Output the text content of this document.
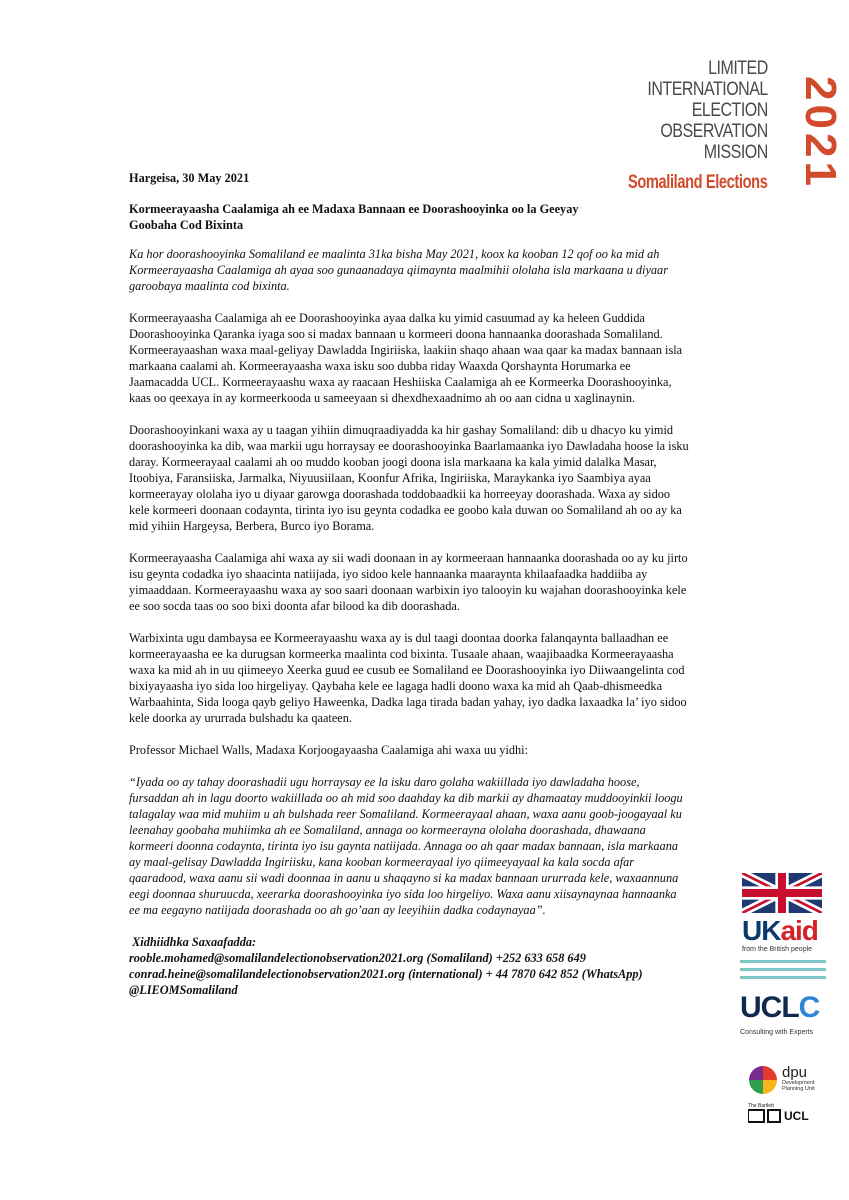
LIMITED
INTERNATIONAL
ELECTION
OBSERVATION
MISSION
Somaliland Elections 2021

Hargeisa, 30 May 2021

Kormeerayaasha Caalamiga ah ee Madaxa Bannaan ee Doorashooyinka oo la Geeyay
Goobaha Cod Bixinta

Ka hor doorashooyinka Somaliland ee maalinta 31ka bisha May 2021, koox ka kooban 12 qof oo ka mid ah Kormeerayaasha Caalamiga ah ayaa soo gunaanadaya qiimaynta maalmihii ololaha isla markaana u diyaar garoobaya maalinta cod bixinta.

Kormeerayaasha Caalamiga ah ee Doorashooyinka ayaa dalka ku yimid casuumad ay ka heleen Guddida Doorashooyinka Qaranka iyaga soo si madax bannaan u kormeeri doona hannaanka doorashada Somaliland. Kormeerayaashan waxa maal-geliyay Dawladda Ingiriiska, laakiin shaqo ahaan waa qaar ka madax bannaan isla markaana caalami ah. Kormeerayaasha waxa isku soo dubba riday Waaxda Qorshaynta Horumarka ee Jaamacadda UCL. Kormeerayaashu waxa ay raacaan Heshiiska Caalamiga ah ee Kormeerka Doorashooyinka, kaas oo qeexaya in ay kormeerkooda u sameeyaan si dhexdhexaadnimo ah oo aan cidna u xaglinaynin.

Doorashooyinkani waxa ay u taagan yihiin dimuqraadiyadda ka hir gashay Somaliland: dib u dhacyo ku yimid doorashooyinka ka dib, waa markii ugu horraysay ee doorashooyinka Baarlamaanka iyo Dawladaha hoose la isku daray. Kormeerayaal caalami ah oo muddo kooban joogi doona isla markaana ka kala yimid dalalka Masar, Itoobiya, Faransiiska, Jarmalka, Niyuusiilaan, Koonfur Afrika, Ingiriiska, Maraykanka iyo Saambiya ayaa kormeerayay ololaha iyo u diyaar garowga doorashada toddobaadkii ka horreeyay doorashada. Waxa ay sidoo kele kormeeri doonaan codaynta, tirinta iyo isu geynta codadka ee goobo kala duwan oo Somaliland ah oo ay ka mid yihiin Hargeysa, Berbera, Burco iyo Borama.

Kormeerayaasha Caalamiga ahi waxa ay sii wadi doonaan in ay kormeeraan hannaanka doorashada oo ay ku jirto isu geynta codadka iyo shaacinta natiijada, iyo sidoo kele hannaanka maaraynta khilaafaadka haddiiba ay yimaaddaan. Kormeerayaashu waxa ay soo saari doonaan warbixin iyo talooyin ku wajahan doorashooyinka kele ee soo socda taas oo soo bixi doonta afar bilood ka dib doorashada.

Warbixinta ugu dambaysa ee Kormeerayaashu waxa ay is dul taagi doontaa doorka falanqaynta ballaadhan ee kormeerayaasha ee ka durugsan kormeerka maalinta cod bixinta. Tusaale ahaan, waajibaadka Kormeerayaasha waxa ka mid ah in uu qiimeeyo Xeerka guud ee cusub ee Somaliland ee Doorashooyinka iyo Diiwaangelinta cod bixiyayaasha iyo sida loo hirgeliyay. Qaybaha kele ee lagaga hadli doono waxa ka mid ah Qaab-dhismeedka Warbaahinta, Sida looga qayb geliyo Haweenka, Dadka laga tirada badan yahay, iyo dadka laxaadka la’ iyo sidoo kele doorka ay ururrada bulshadu ka qaateen.

Professor Michael Walls, Madaxa Korjoogayaasha Caalamiga ahi waxa uu yidhi:

“Iyada oo ay tahay doorashadii ugu horraysay ee la isku daro golaha wakiillada iyo dawladaha hoose, fursaddan ah in lagu doorto wakiillada oo ah mid soo daahday ka dib markii ay dhamaatay muddooyinkii loogu talagalay waa mid muhiim u ah bulshada reer Somaliland. Kormeerayaal ahaan, waxa aanu goob-joogayaal ku leenahay goobaha muhiimka ah ee Somaliland, annaga oo kormeerayna ololaha doorashada, dhawaana kormeeri doonna codaynta, tirinta iyo isu gaynta natiijada. Annaga oo ah qaar madax bannaan, isla markaana ay maal-gelisay Dawladda Ingiriisku, kana kooban kormeerayaal iyo qiimeeyayaal ka kala socda afar qaaradood, waxa aanu sii wadi doonnaa in aanu u shaqayno si ka madax bannaan ururrada kele, waxaannuna eegi doonnaa shuruucda, xeerarka doorashooyinka iyo sida loo hirgeliyo. Waxa aanu xiisaynaynaa hannaanka ee ma eegayno natiijada doorashada oo ah go’aan ay leeyihiin dadka codaynayaa”.

Xidhiidhka Saxaafadda:
rooble.mohamed@somalilandelectionobservation2021.org (Somaliland) +252 633 658 649
conrad.heine@somalilandelectionobservation2021.org (international) + 44 7870 642 852 (WhatsApp)
@LIEOMSomaliland
UKaid
from the British people
UCLC
Consulting with Experts
dpu
Development Planning Unit
The Bartlett
UCL
